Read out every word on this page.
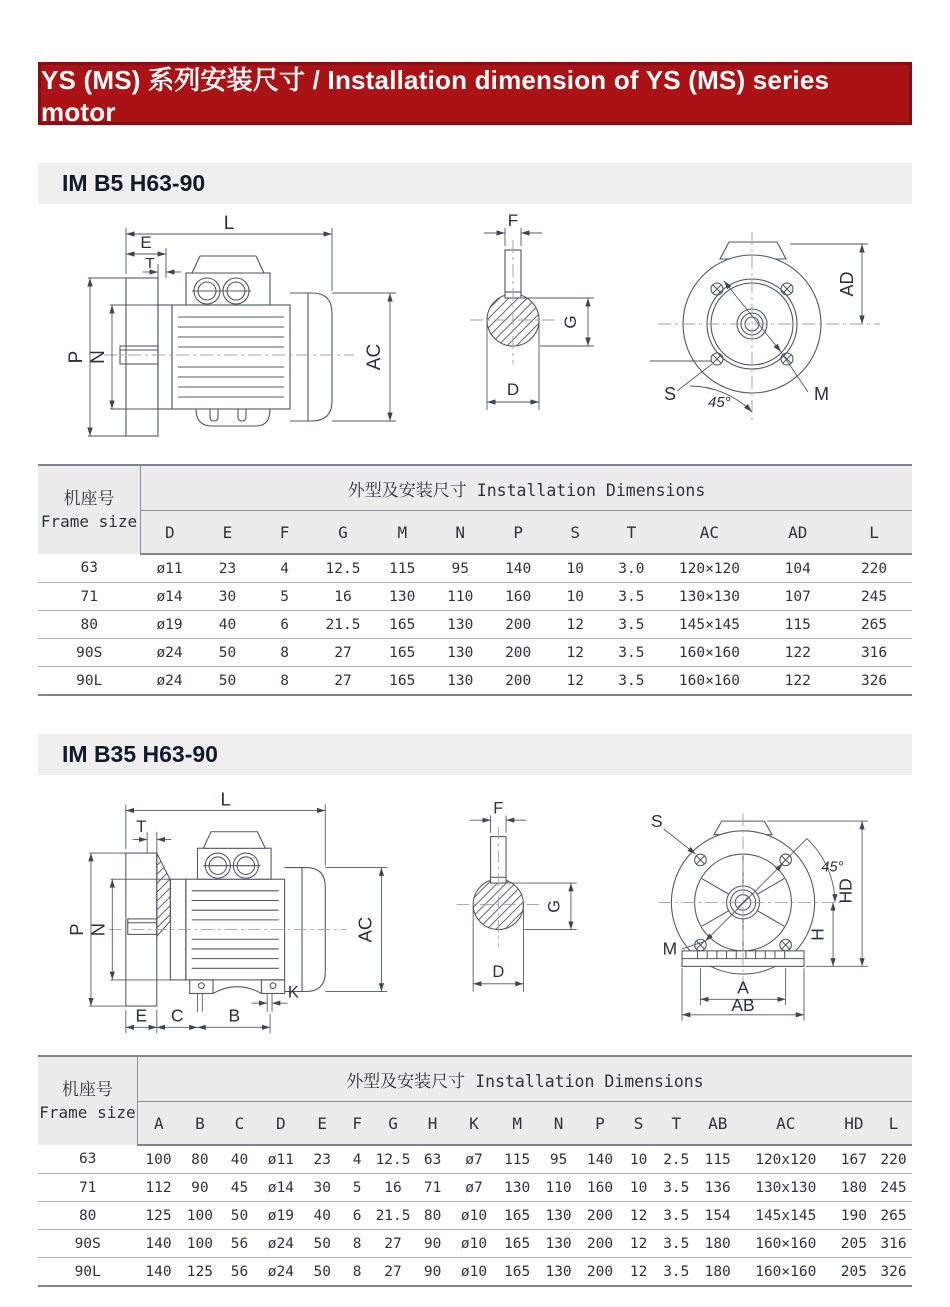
YS (MS) 系列安装尺寸 / Installation dimension of YS (MS) series motor
IM B5 H63-90
L
E
T
P N	AC
F
G
D	M
S 45°
AD
机座号
Frame size	外型及安装尺寸 Installation Dimensions											
	D	E	F	G	M	N	P	S	T	AC	AD	L
63	ø11	23	4	12.5	115	95	140	10	3.0	120×120	104	220
71	ø14	30	5	16	130	110	160	10	3.5	130×130	107	245
80	ø19	40	6	21.5	165	130	200	12	3.5	145×145	115	265
90S	ø24	50	8	27	165	130	200	12	3.5	160×160	122	316
90L	ø24	50	8	27	165	130	200	12	3.5	160×160	122	326
IM B35 H63-90
L
T
P N	AC
K
E C	B
F
G
D
S
M
45°
HD
H
A
AB
机座号
Frame size	外型及安装尺寸 Installation Dimensions																	
	A	B	C	D	E	F	G	H	K	M	N	P	S	T	AB	AC	HD	L
63	100	80	40	ø11	23	4	12.5	63	ø7	115	95	140	10	2.5	115	120x120	167	220
71	112	90	45	ø14	30	5	16	71	ø7	130	110	160	10	3.5	136	130x130	180	245
80	125	100	50	ø19	40	6	21.5	80	ø10	165	130	200	12	3.5	154	145x145	190	265
90S	140	100	56	ø24	50	8	27	90	ø10	165	130	200	12	3.5	180	160×160	205	316
90L	140	125	56	ø24	50	8	27	90	ø10	165	130	200	12	3.5	180	160×160	205	326
